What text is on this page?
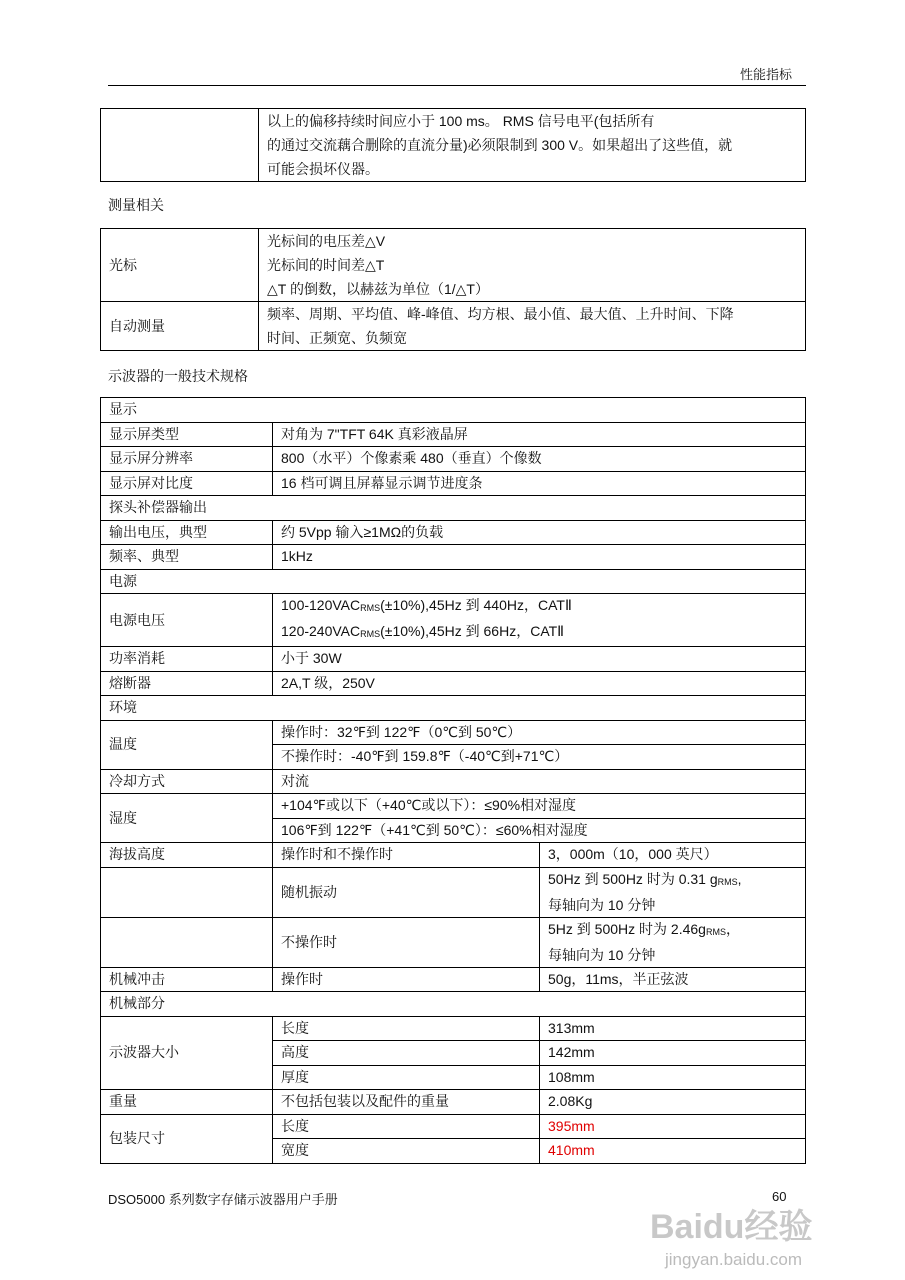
性能指标

以上的偏移持续时间应小于 100 ms。 RMS 信号电平(包括所有
的通过交流藕合删除的直流分量)必须限制到 300 V。如果超出了这些值，就
可能会损坏仪器。
测量相关
光标	光标间的电压差△V
光标间的时间差△T
△T 的倒数，以赫兹为单位（1/△T）

自动测量	频率、周期、平均值、峰-峰值、均方根、最小值、最大值、上升时间、下降
时间、正频宽、负频宽
示波器的一般技术规格
显示		
显示屏类型	对角为 7"TFT 64K 真彩液晶屏	
显示屏分辨率	800（水平）个像素乘 480（垂直）个像数	
显示屏对比度	16 档可调且屏幕显示调节进度条	
探头补偿器输出		
输出电压，典型	约 5Vpp 输入≥1MΩ的负载	
频率、典型	1kHz	
电源		
电源电压	$100-120VAC_{RMS}(\pm 10\%),45Hz$ 到 440Hz，CATⅡ
$120-240VAC_{RMS}(\pm 10\%),45Hz$ 到 66Hz，CATⅡ	

功率消耗	小于 30W	
熔断器	2A,T 级，250V	
环境		
温度	操作时：32℉到 122℉（0℃到 50℃）	
	不操作时：-40℉到 159.8℉（-40℃到+71℃）	
冷却方式	对流	
湿度	+104℉或以下（+40℃或以下）：≤90%相对湿度	
	106℉到 122℉（+41℃到 50℃）：≤60%相对湿度	
海拔高度	操作时和不操作时	3，000m（10，000 英尺）
	随机振动	50Hz 到 500Hz 时为 0.31 $g_{RMS}$,
每轴向为 10 分钟

	不操作时	5Hz 到 500Hz 时为 $2.46g_{RMS}$，
每轴向为 10 分钟

机械冲击	操作时	50g，11ms，半正弦波
机械部分		
示波器大小	长度	313mm
	高度	142mm
	厚度	108mm
重量	不包括包装以及配件的重量	2.08Kg
包装尺寸	长度	395mm
	宽度	410mm
DSO5000 系列数字存储示波器用户手册	60
Baidu经验
jingyan.baidu.com
